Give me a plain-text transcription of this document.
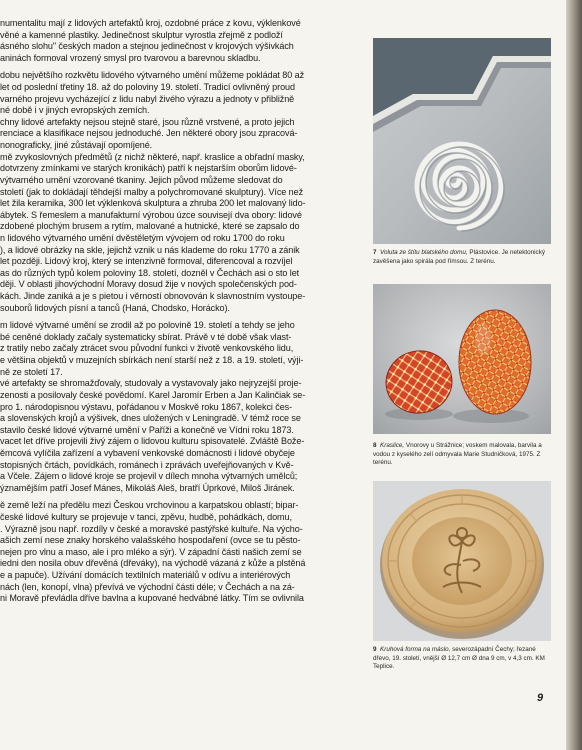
numentalitu mají z lidových artefaktů kroj, ozdobné práce z kovu, výklenkové
věné a kamenné plastiky. Jedinečnost skulptur vyrostla zřejmě z podloží
ásného slohu" českých madon a stejnou jedinečnost v krojových výšivkách
aninách formoval vrozený smysl pro tvarovou a barevnou skladbu.
dobu největšího rozkvětu lidového výtvarného umění můžeme pokládat 80 až
let od poslední třetiny 18. až do poloviny 19. století. Tradicí ovlivněný proud
varného projevu vycházející z lidu nabyl živého výrazu a jednoty v přibližně
né době i v jiných evropských zemích.
chny lidové artefakty nejsou stejně staré, jsou různě vrstvené, a proto jejich
renciace a klasifikace nejsou jednoduché. Jen některé obory jsou zpracová-
nonograficky, jiné zůstávají opomíjené.
mě zvykoslovných předmětů (z nichž některé, např. kraslice a obřadní masky,
dotvrzeny zmínkami ve starých kronikách) patří k nejstarším oborům lidové-
výtvarného umění vzorované tkaniny. Jejich původ můžeme sledovat do
století (jak to dokládají těhdejší malby a polychromované skulptury). Více než
let žila keramika, 300 let výklenková skulptura a zhruba 200 let malovaný lido-
ábytek. S řemeslem a manufakturní výrobou úzce souvisejí dva obory: lidové
zdobené plochým brusem a rytím, malované a hutnické, které se zapsalo do
n lidového výtvarného umění dvěstěletým vývojem od roku 1700 do roku
), a lidové obrázky na skle, jejichž vznik u nás klademe do roku 1770 a zánik
let později. Lidový kroj, který se intenzivně formoval, diferencoval a rozvíjel
as do různých typů kolem poloviny 18. století, dozněl v Čechách asi o sto let
ději. V oblasti jihovýchodní Moravy dosud žije v nových společenských pod-
kách. Jinde zaniká a je s pietou i věrností obnovován k slavnostním vystoupe-
souborů lidových písní a tanců (Haná, Chodsko, Horácko).
m lidové výtvarné umění se zrodil až po polovině 19. století a tehdy se jeho
bé ceněné doklady začaly systematicky sbírat. Právě v té době však vlast-
z tratily nebo začaly ztrácet svou původní funkci v životě venkovského lidu,
e většina objektů v muzejních sbírkách není starší než z 18. a 19. století, výji-
ně ze století 17.
vé artefakty se shromažďovaly, studovaly a vystavovaly jako nejryzejší proje-
zenosti a posilovaly české povědomí. Karel Jaromír Erben a Jan Kalinčiak se-
pro 1. národopisnou výstavu, pořádanou v Moskvě roku 1867, kolekci čes-
a slovenských krojů a výšivek, dnes uložených v Leningradě. V témž roce se
stavilo české lidové výtvarné umění v Paříži a konečně ve Vídni roku 1873.
vacet let dříve projevili živý zájem o lidovou kulturu spisovatelé. Zvláště Bože-
ěmcová vylíčila zařízení a vybavení venkovské domácnosti i lidové obyčeje
stopisných črtách, povídkách, románech i zprávách uveřejňovaných v Kvě-
a Včele. Zájem o lidové kroje se projevil v dílech mnoha výtvarných umělců;
ýznamějším patří Josef Mánes, Mikoláš Aleš, bratří Úprkové, Miloš Jiránek.
ě země leží na předělu mezi Českou vrchovinou a karpatskou oblastí; bipar-
české lidové kultury se projevuje v tanci, zpěvu, hudbě, pohádkách, domu,
. Výrazně jsou např. rozdíly v české a moravské pastýřské kultuře. Na výcho-
ašich zemí nese znaky horského valašského hospodaření (ovce se tu pěsto-
nejen pro vlnu a maso, ale i pro mléko a sýr). V západní části našich zemí se
iedni den nosila obuv dřevěná (dřeváky), na východě vázaná z kůže a plstěná
e a papuče). Užívání domácích textilních materiálů v odívu a interiérových
nách (len, konopí, vlna) převívá ve východní části déle; v Čechách a na zá-
ni Moravě převládla dříve bavlna a kupované hedvábné látky. Tím se ovlivnila
7 Voluta ze štítu blatského domu, Plástovice. Je netektonický zavěšena jako spirála pod římsou. Z terénu.
8 Kraslice, Vnorovy u Strážnice; voskem malovala, barvila a vodou z kyselého zelí odmyvala Marie Studničková, 1975. Z terénu.
9 Kruhová forma na máslo, severozápadní Čechy; řezané dřevo, 19. století, vnější Ø 12,7 cm Ø dna 9 cm, v 4,3 cm. KM Teplice.
9
